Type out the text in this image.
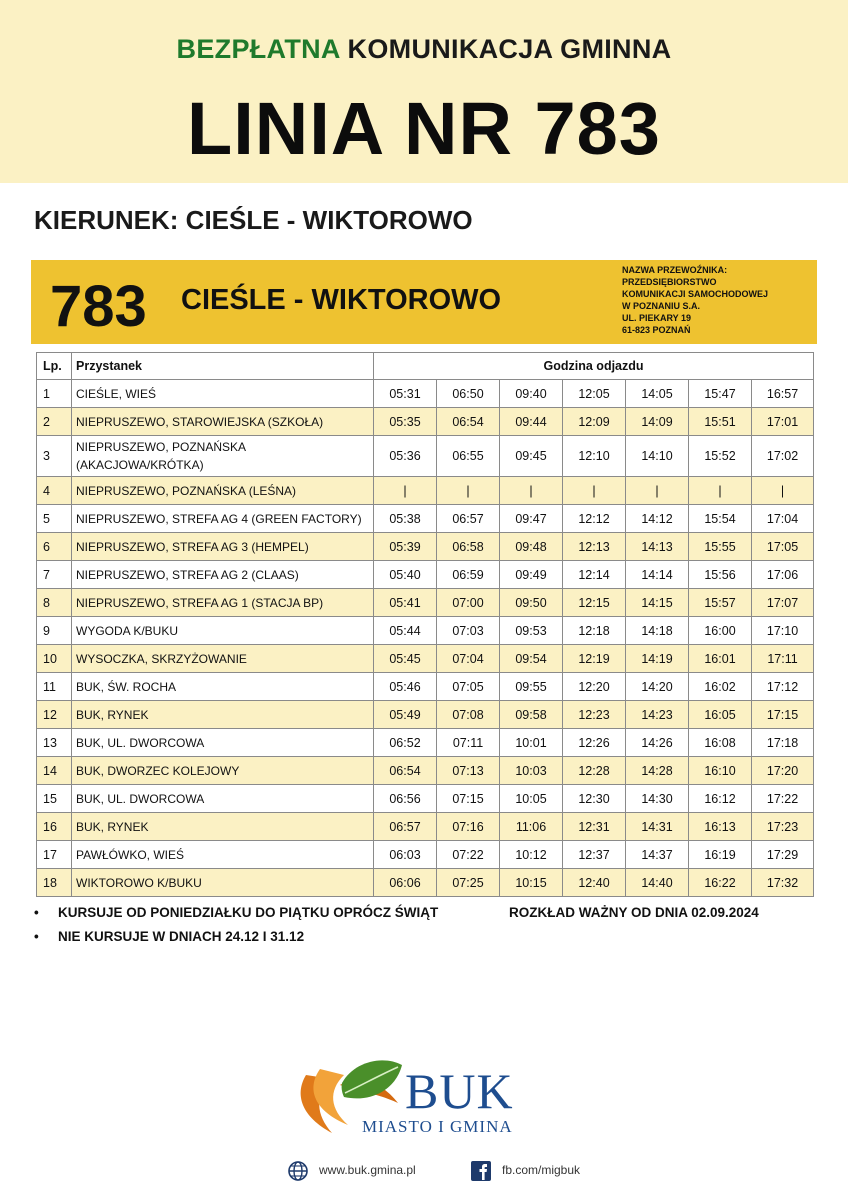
BEZPŁATNA KOMUNIKACJA GMINNA
LINIA NR 783
KIERUNEK: CIEŚLE - WIKTOROWO
783 CIEŚLE - WIKTOROWO
NAZWA PRZEWOŹNIKA:
PRZEDSIĘBIORSTWO
KOMUNIKACJI SAMOCHODOWEJ
W POZNANIU S.A.
UL. PIEKARY 19
61-823 POZNAŃ
Lp.	Przystanek	Godzina odjazdu						
1	CIEŚLE, WIEŚ	05:31	06:50	09:40	12:05	14:05	15:47	16:57
2	NIEPRUSZEWO, STAROWIEJSKA (SZKOŁA)	05:35	06:54	09:44	12:09	14:09	15:51	17:01
3	NIEPRUSZEWO, POZNAŃSKA (AKACJOWA/KRÓTKA)	05:36	06:55	09:45	12:10	14:10	15:52	17:02
4	NIEPRUSZEWO, POZNAŃSKA (LEŚNA)	|	|	|	|	|	|	|
5	NIEPRUSZEWO, STREFA AG 4 (GREEN FACTORY)	05:38	06:57	09:47	12:12	14:12	15:54	17:04
6	NIEPRUSZEWO, STREFA AG 3 (HEMPEL)	05:39	06:58	09:48	12:13	14:13	15:55	17:05
7	NIEPRUSZEWO, STREFA AG 2 (CLAAS)	05:40	06:59	09:49	12:14	14:14	15:56	17:06
8	NIEPRUSZEWO, STREFA AG 1 (STACJA BP)	05:41	07:00	09:50	12:15	14:15	15:57	17:07
9	WYGODA K/BUKU	05:44	07:03	09:53	12:18	14:18	16:00	17:10
10	WYSOCZKA, SKRZYŻOWANIE	05:45	07:04	09:54	12:19	14:19	16:01	17:11
11	BUK, ŚW. ROCHA	05:46	07:05	09:55	12:20	14:20	16:02	17:12
12	BUK, RYNEK	05:49	07:08	09:58	12:23	14:23	16:05	17:15
13	BUK, UL. DWORCOWA	06:52	07:11	10:01	12:26	14:26	16:08	17:18
14	BUK, DWORZEC KOLEJOWY	06:54	07:13	10:03	12:28	14:28	16:10	17:20
15	BUK, UL. DWORCOWA	06:56	07:15	10:05	12:30	14:30	16:12	17:22
16	BUK, RYNEK	06:57	07:16	11:06	12:31	14:31	16:13	17:23
17	PAWŁÓWKO, WIEŚ	06:03	07:22	10:12	12:37	14:37	16:19	17:29
18	WIKTOROWO K/BUKU	06:06	07:25	10:15	12:40	14:40	16:22	17:32
• KURSUJE OD PONIEDZIAŁKU DO PIĄTKU OPRÓCZ ŚWIĄT
• NIE KURSUJE W DNIACH 24.12 I 31.12
ROZKŁAD WAŻNY OD DNIA 02.09.2024
BUK
MIASTO I GMINA
www.buk.gmina.pl	fb.com/migbuk
